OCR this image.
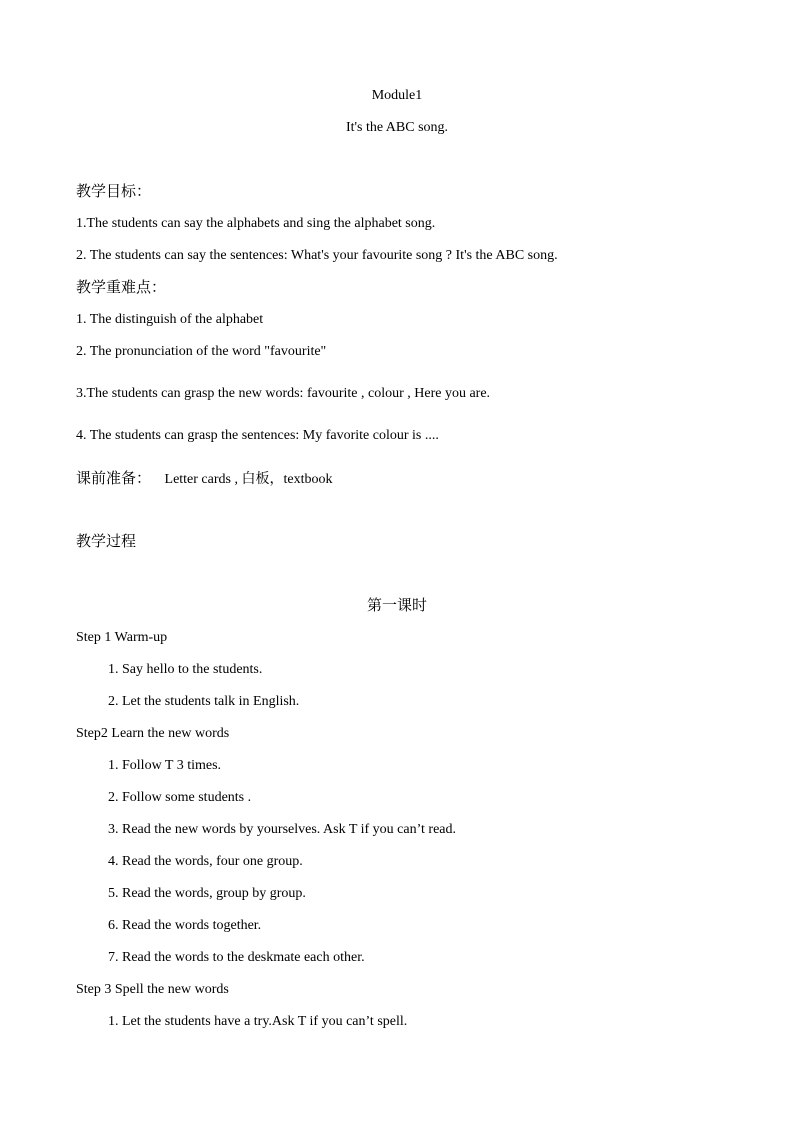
Module1
It's the ABC song.
教学目标：
1.The students can say the alphabets and sing the alphabet song.
2. The students can say the sentences: What's your favourite song ? It's the ABC song.
教学重难点：
1. The distinguish of the alphabet
2. The pronunciation of the word "favourite"
3.The students can grasp the new words: favourite , colour , Here you are.
4. The students can grasp the sentences: My favorite colour is ....
课前准备： Letter cards , 白板，textbook
教学过程
第一课时
Step 1 Warm-up
1. Say hello to the students.
2. Let the students talk in English.
Step2 Learn the new words
1. Follow T 3 times.
2. Follow some students .
3. Read the new words by yourselves. Ask T if you can’t read.
4. Read the words, four one group.
5. Read the words, group by group.
6. Read the words together.
7. Read the words to the deskmate each other.
Step 3 Spell the new words
1. Let the students have a try.Ask T if you can’t spell.
